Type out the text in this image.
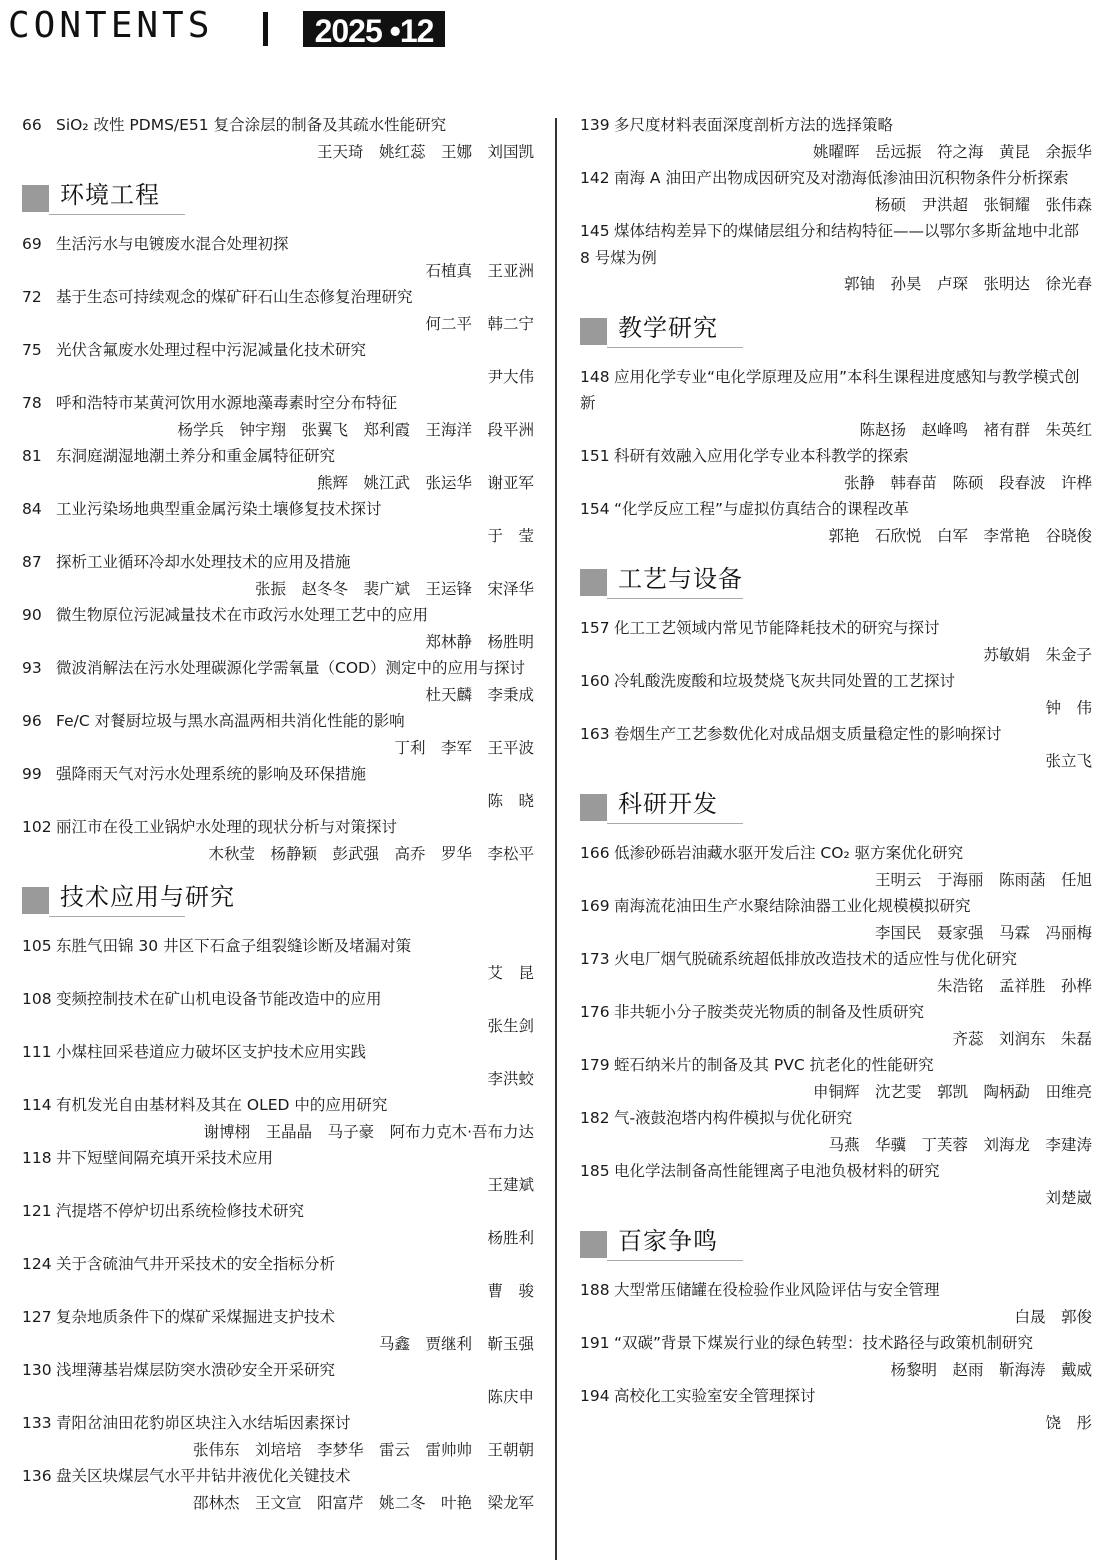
CONTENTS	2025 •12
66 SiO₂ 改性 PDMS/E51 复合涂层的制备及其疏水性能研究
王天琦　姚红蕊　王娜　刘国凯
环境工程
69 生活污水与电镀废水混合处理初探
石植真　王亚洲
72 基于生态可持续观念的煤矿矸石山生态修复治理研究
何二平　韩二宁
75 光伏含氟废水处理过程中污泥减量化技术研究
尹大伟
78 呼和浩特市某黄河饮用水源地藻毒素时空分布特征
杨学兵　钟宇翔　张翼飞　郑利霞　王海洋　段平洲
81 东洞庭湖湿地潮土养分和重金属特征研究
熊辉　姚江武　张运华　谢亚军
84 工业污染场地典型重金属污染土壤修复技术探讨
于　莹
87 探析工业循环冷却水处理技术的应用及措施
张振　赵冬冬　裴广斌　王运锋　宋泽华
90 微生物原位污泥减量技术在市政污水处理工艺中的应用
郑林静　杨胜明
93 微波消解法在污水处理碳源化学需氧量（COD）测定中的应用与探讨
杜天麟　李秉成
96 Fe/C 对餐厨垃圾与黑水高温两相共消化性能的影响
丁利　李军　王平波
99 强降雨天气对污水处理系统的影响及环保措施
陈　晓
102 丽江市在役工业锅炉水处理的现状分析与对策探讨
木秋莹　杨静颖　彭武强　高乔　罗华　李松平
技术应用与研究
105 东胜气田锦 30 井区下石盒子组裂缝诊断及堵漏对策
艾　昆
108 变频控制技术在矿山机电设备节能改造中的应用
张生剑
111 小煤柱回采巷道应力破坏区支护技术应用实践
李洪蛟
114 有机发光自由基材料及其在 OLED 中的应用研究
谢博栩　王晶晶　马子豪　阿布力克木·吾布力达
118 井下短壁间隔充填开采技术应用
王建斌
121 汽提塔不停炉切出系统检修技术研究
杨胜利
124 关于含硫油气井开采技术的安全指标分析
曹　骏
127 复杂地质条件下的煤矿采煤掘进支护技术
马鑫　贾继利　靳玉强
130 浅埋薄基岩煤层防突水溃砂安全开采研究
陈庆申
133 青阳岔油田花豹峁区块注入水结垢因素探讨
张伟东　刘培培　李梦华　雷云　雷帅帅　王朝朝
136 盘关区块煤层气水平井钻井液优化关键技术
邵林杰　王文宣　阳富芹　姚二冬　叶艳　梁龙军
139 多尺度材料表面深度剖析方法的选择策略
姚曜晖　岳远振　符之海　黄昆　余振华
142 南海 A 油田产出物成因研究及对渤海低渗油田沉积物条件分析探索
杨硕　尹洪超　张铜耀　张伟森
145 煤体结构差异下的煤储层组分和结构特征——以鄂尔多斯盆地中北部 8 号煤为例
郭铀　孙昊　卢琛　张明达　徐光春
教学研究
148 应用化学专业“电化学原理及应用”本科生课程进度感知与教学模式创新
陈赵扬　赵峰鸣　褚有群　朱英红
151 科研有效融入应用化学专业本科教学的探索
张静　韩春苗　陈硕　段春波　许桦
154 “化学反应工程”与虚拟仿真结合的课程改革
郭艳　石欣悦　白军　李常艳　谷晓俊
工艺与设备
157 化工工艺领域内常见节能降耗技术的研究与探讨
苏敏娟　朱金子
160 冷轧酸洗废酸和垃圾焚烧飞灰共同处置的工艺探讨
钟　伟
163 卷烟生产工艺参数优化对成品烟支质量稳定性的影响探讨
张立飞
科研开发
166 低渗砂砾岩油藏水驱开发后注 CO₂ 驱方案优化研究
王明云　于海丽　陈雨菡　任旭
169 南海流花油田生产水聚结除油器工业化规模模拟研究
李国民　聂家强　马霖　冯丽梅
173 火电厂烟气脱硫系统超低排放改造技术的适应性与优化研究
朱浩铭　孟祥胜　孙桦
176 非共轭小分子胺类荧光物质的制备及性质研究
齐蕊　刘润东　朱磊
179 蛭石纳米片的制备及其 PVC 抗老化的性能研究
申铜辉　沈艺雯　郭凯　陶柄勐　田维亮
182 气-液鼓泡塔内构件模拟与优化研究
马燕　华骥　丁芙蓉　刘海龙　李建涛
185 电化学法制备高性能锂离子电池负极材料的研究
刘楚崴
百家争鸣
188 大型常压储罐在役检验作业风险评估与安全管理
白晟　郭俊
191 “双碳”背景下煤炭行业的绿色转型：技术路径与政策机制研究
杨黎明　赵雨　靳海涛　戴威
194 高校化工实验室安全管理探讨
饶　彤
